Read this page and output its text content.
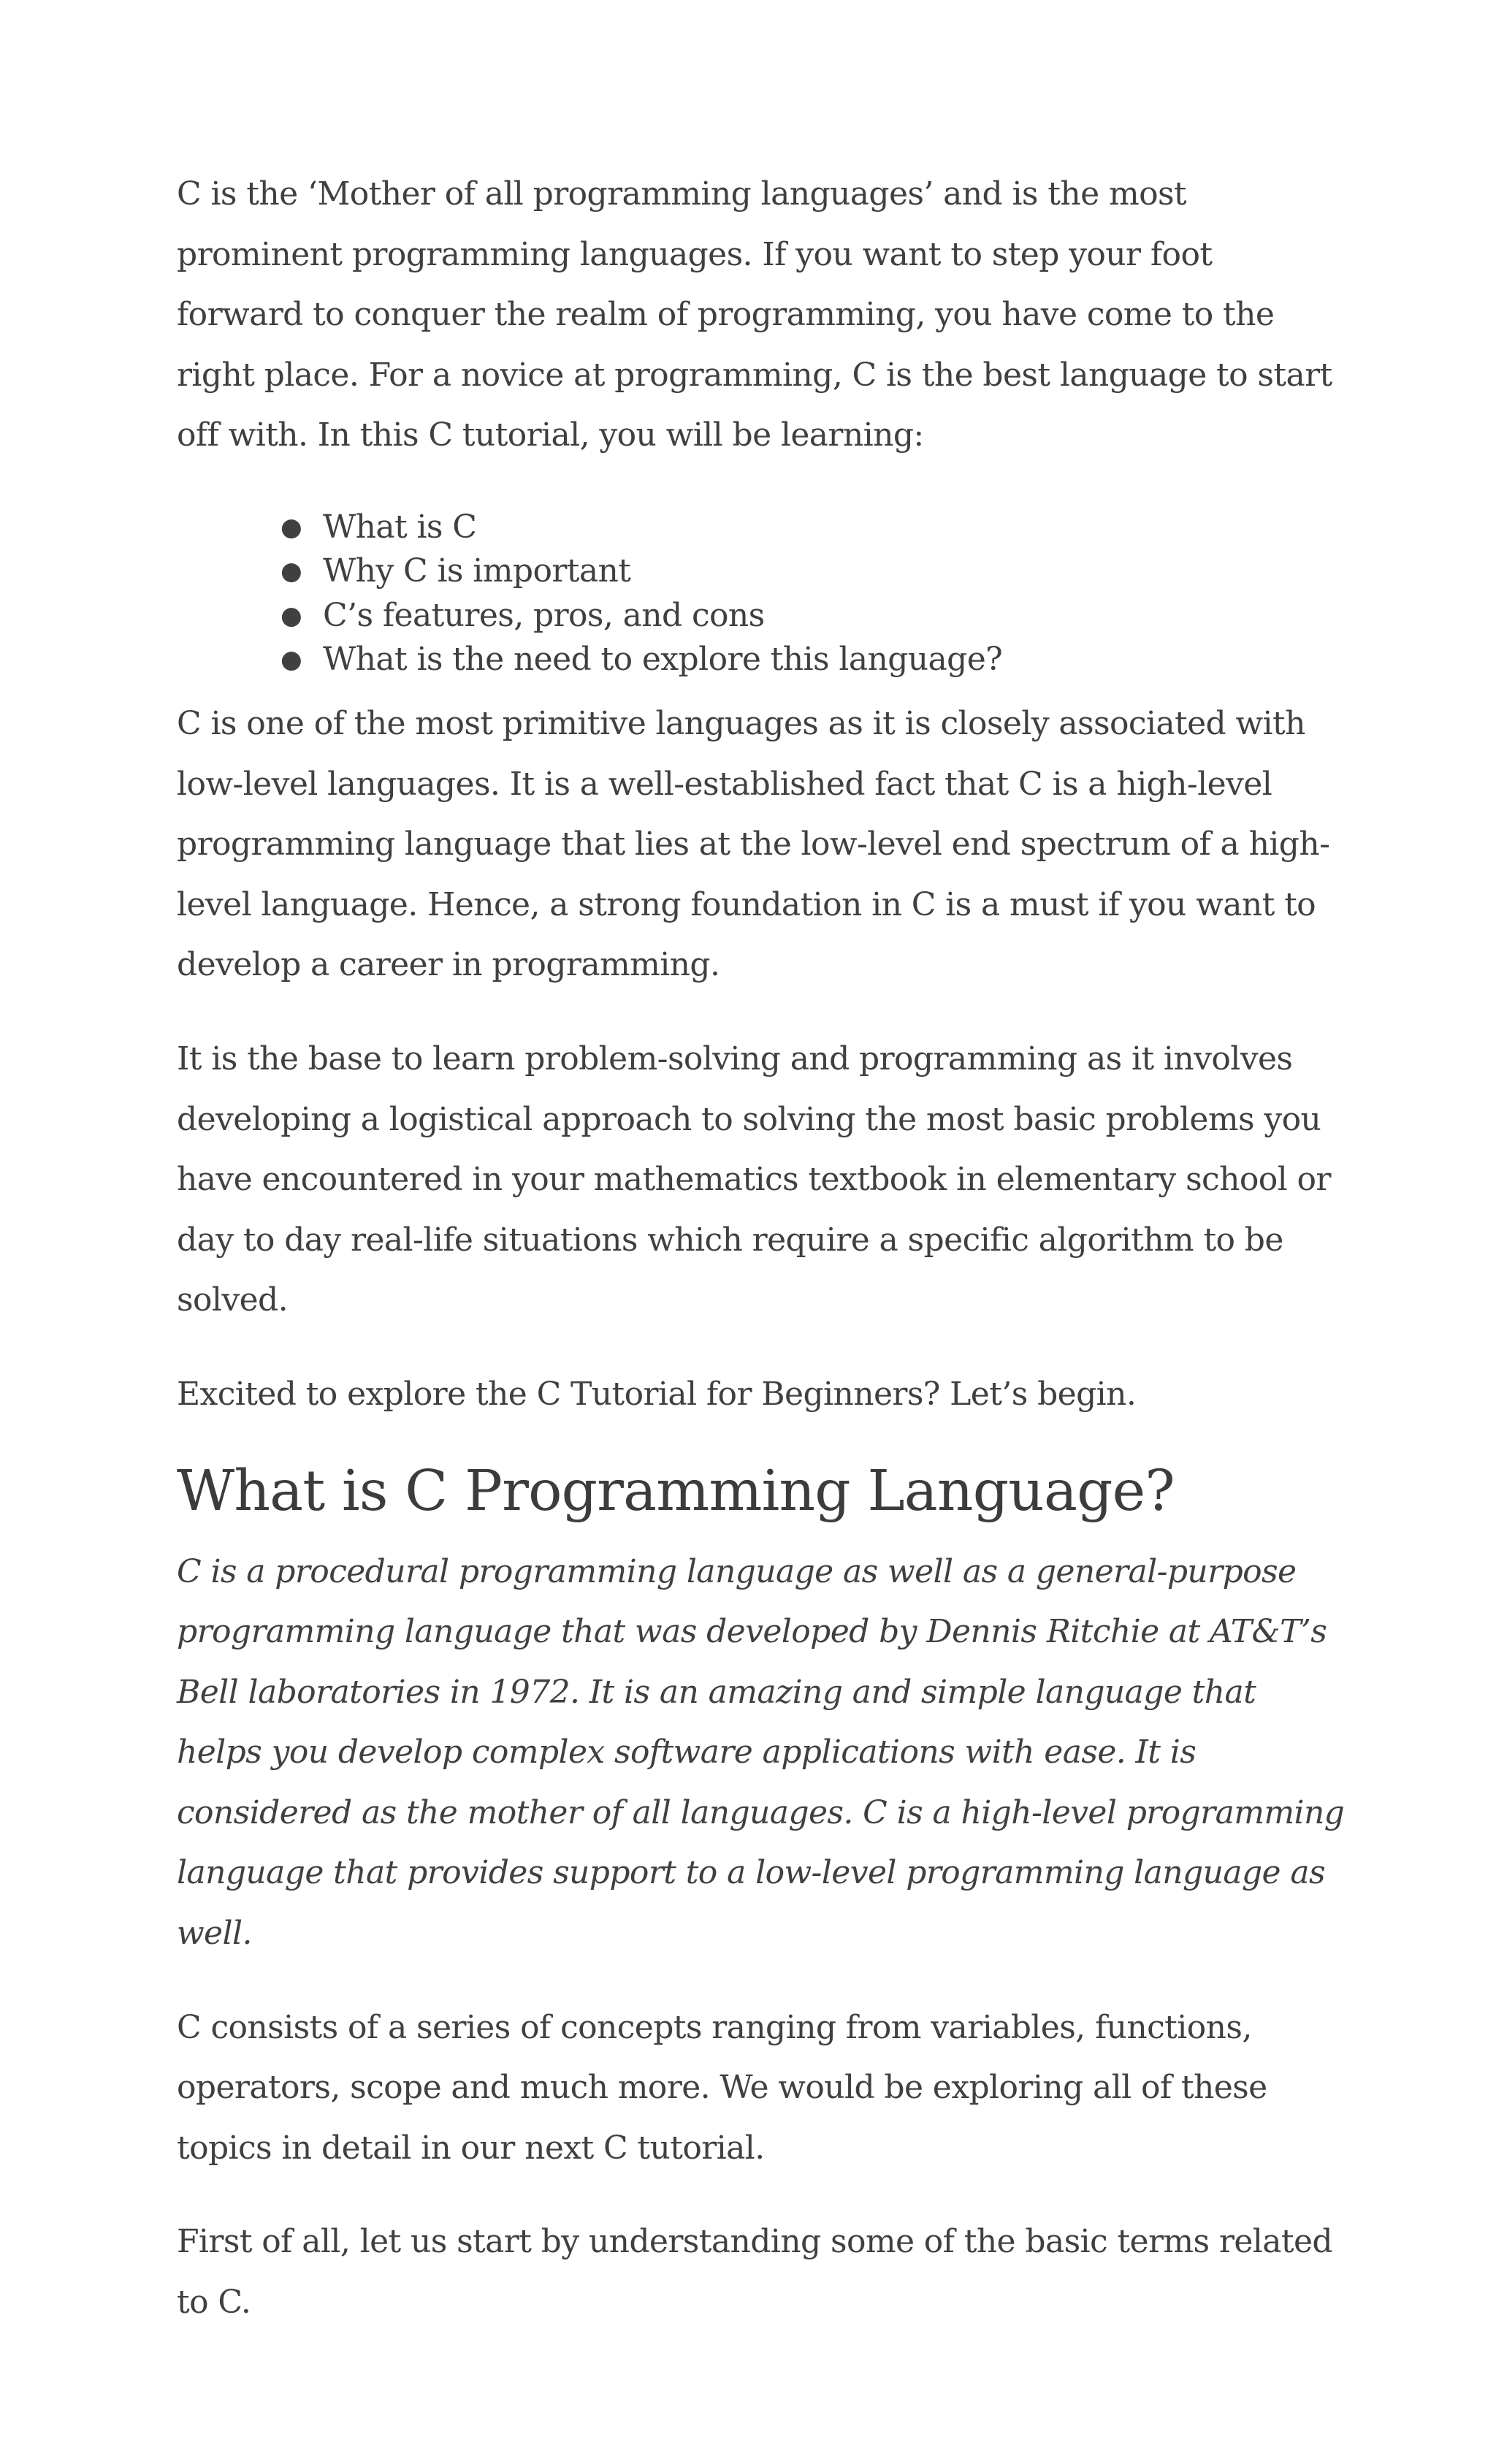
C is the ‘Mother of all programming languages’ and is the most prominent programming languages. If you want to step your foot forward to conquer the realm of programming, you have come to the right place. For a novice at programming, C is the best language to start off with. In this C tutorial, you will be learning:

● What is C
● Why C is important
● C’s features, pros, and cons
● What is the need to explore this language?

C is one of the most primitive languages as it is closely associated with low-level languages. It is a well-established fact that C is a high-level programming language that lies at the low-level end spectrum of a high-level language. Hence, a strong foundation in C is a must if you want to develop a career in programming.

It is the base to learn problem-solving and programming as it involves developing a logistical approach to solving the most basic problems you have encountered in your mathematics textbook in elementary school or day to day real-life situations which require a specific algorithm to be solved.

Excited to explore the C Tutorial for Beginners? Let’s begin.

What is C Programming Language?

C is a procedural programming language as well as a general-purpose programming language that was developed by Dennis Ritchie at AT&T’s Bell laboratories in 1972. It is an amazing and simple language that helps you develop complex software applications with ease. It is considered as the mother of all languages. C is a high-level programming language that provides support to a low-level programming language as well.

C consists of a series of concepts ranging from variables, functions, operators, scope and much more. We would be exploring all of these topics in detail in our next C tutorial.

First of all, let us start by understanding some of the basic terms related to C.
